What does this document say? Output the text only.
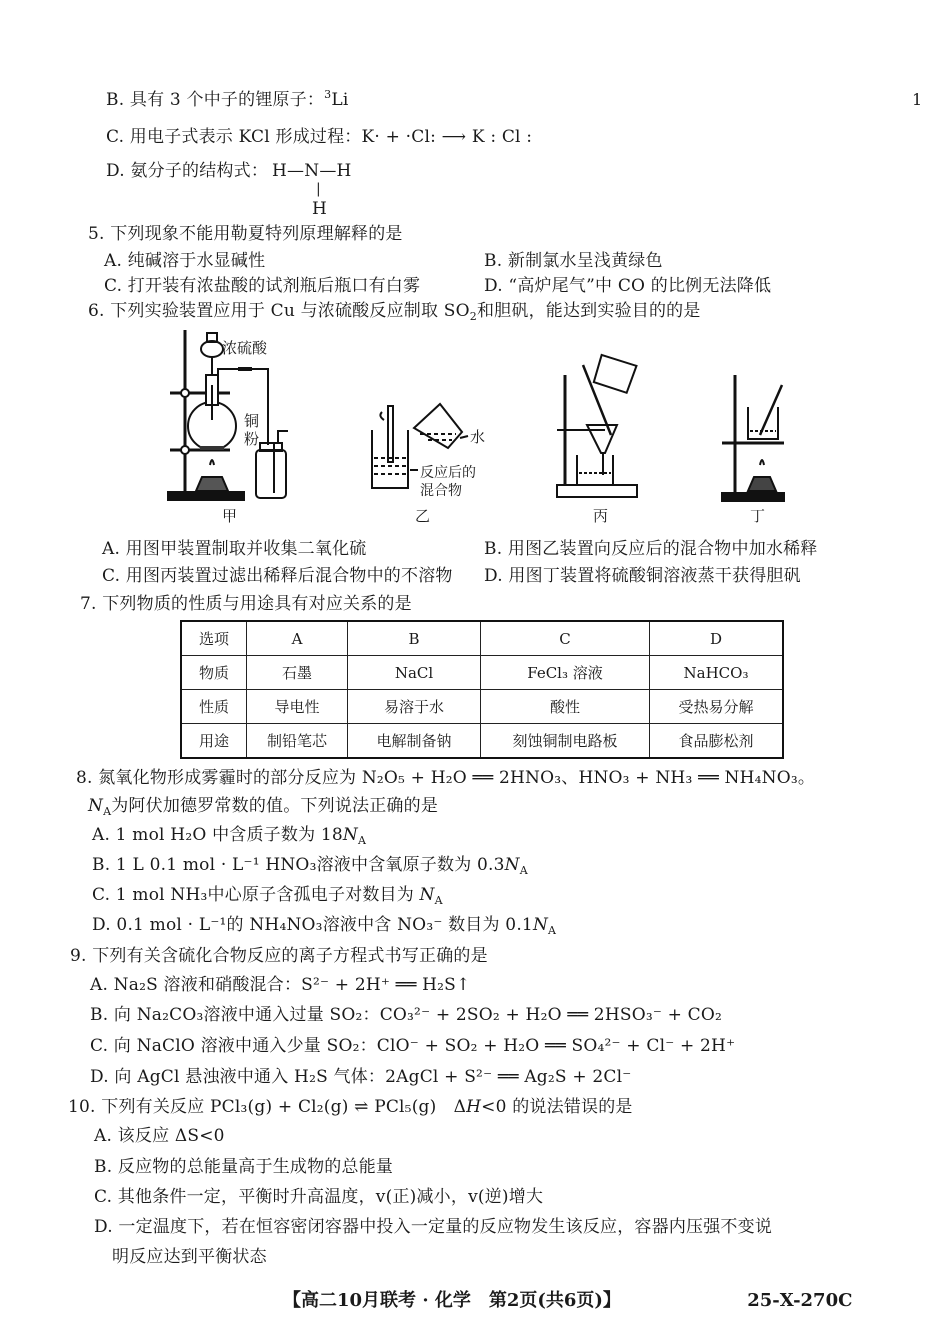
1
B. 具有 3 个中子的锂原子：$^3$Li
C. 用电子式表示 KCl 形成过程：K· + ·Cl: ⟶ K : Cl :
D. 氨分子的结构式： H—N—H
|
H
5. 下列现象不能用勒夏特列原理解释的是
A. 纯碱溶于水显碱性	B. 新制氯水呈浅黄绿色
C. 打开装有浓盐酸的试剂瓶后瓶口有白雾	D. “高炉尾气”中 CO 的比例无法降低
6. 下列实验装置应用于 Cu 与浓硫酸反应制取 $SO_2$和胆矾，能达到实验目的的是
浓硫酸
铜
粉
甲
水
反应后的
混合物
乙	丙	丁
A. 用图甲装置制取并收集二氧化硫	B. 用图乙装置向反应后的混合物中加水稀释
C. 用图丙装置过滤出稀释后混合物中的不溶物 D. 用图丁装置将硫酸铜溶液蒸干获得胆矾
7. 下列物质的性质与用途具有对应关系的是
选项	A	B	C	D
物质	石墨	NaCl	FeCl₃ 溶液	NaHCO₃
性质	导电性	易溶于水	酸性	受热易分解
用途	制铅笔芯	电解制备钠	刻蚀铜制电路板	食品膨松剂
8. 氮氧化物形成雾霾时的部分反应为 N₂O₅ + H₂O ══ 2HNO₃、HNO₃ + NH₃ ══ NH₄NO₃。
$N_A$为阿伏加德罗常数的值。下列说法正确的是
A. 1 mol H₂O 中含质子数为 $18N_A$
B. 1 L 0.1 mol · L⁻¹ HNO₃溶液中含氧原子数为 $0.3N_A$
C. 1 mol NH₃中心原子含孤电子对数目为 $N_A$
D. 0.1 mol · L⁻¹的 NH₄NO₃溶液中含 NO₃⁻ 数目为 $0.1N_A$
9. 下列有关含硫化合物反应的离子方程式书写正确的是
A. Na₂S 溶液和硝酸混合：S²⁻ + 2H⁺ ══ H₂S↑
B. 向 Na₂CO₃溶液中通入过量 SO₂：CO₃²⁻ + 2SO₂ + H₂O ══ 2HSO₃⁻ + CO₂
C. 向 NaClO 溶液中通入少量 SO₂：ClO⁻ + SO₂ + H₂O ══ SO₄²⁻ + Cl⁻ + 2H⁺
D. 向 AgCl 悬浊液中通入 H₂S 气体：2AgCl + S²⁻ ══ Ag₂S + 2Cl⁻
10. 下列有关反应 PCl₃(g) + Cl₂(g) ⇌ PCl₅(g)　ΔH<0 的说法错误的是
A. 该反应 ΔS<0
B. 反应物的总能量高于生成物的总能量
C. 其他条件一定，平衡时升高温度，v(正)减小，v(逆)增大
D. 一定温度下，若在恒容密闭容器中投入一定量的反应物发生该反应，容器内压强不变说
明反应达到平衡状态
【高二10月联考 · 化学　第2页(共6页)】	25-X-270C
